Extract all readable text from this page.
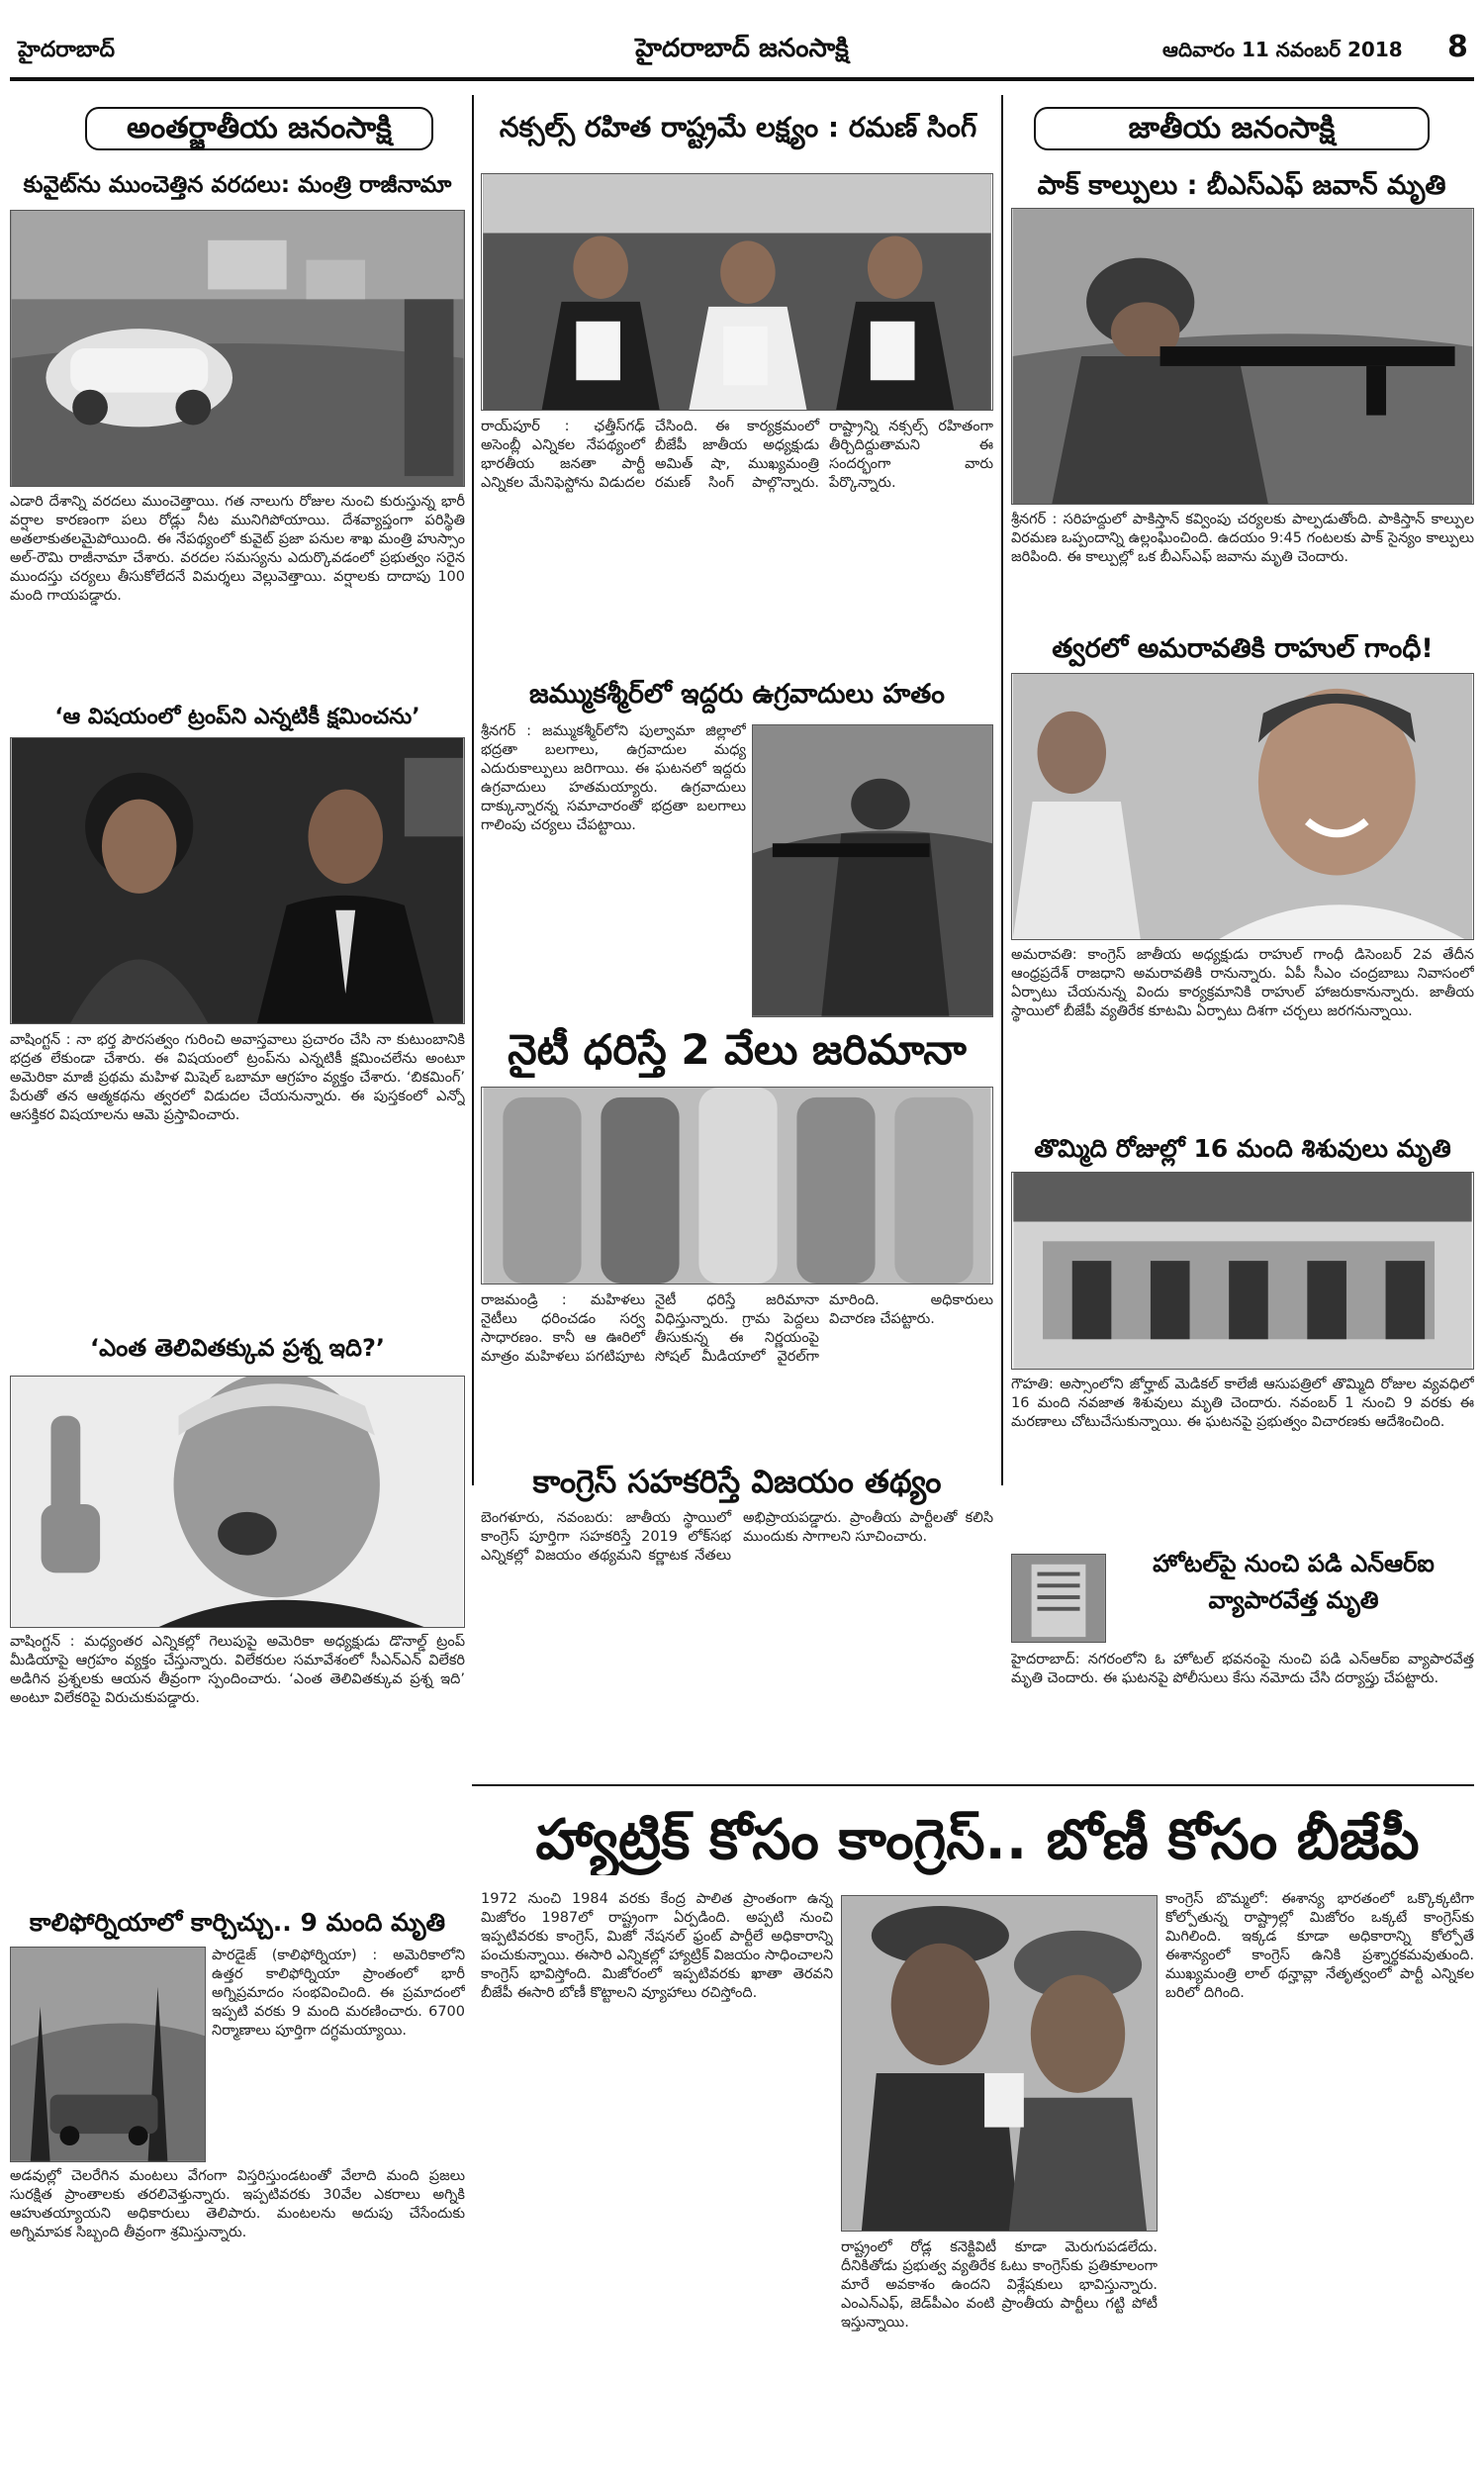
హైదరాబాద్	హైదరాబాద్ జనంసాక్షి	ఆదివారం 11 నవంబర్ 2018 8
అంతర్జాతీయ జనంసాక్షి
కువైట్‌ను ముంచెత్తిన వరదలు: మంత్రి రాజీనామా
ఎడారి దేశాన్ని వరదలు ముంచెత్తాయి. గత నాలుగు రోజుల నుంచి కురుస్తున్న భారీ వర్షాల కారణంగా పలు రోడ్లు నీట మునిగిపోయాయి. దేశవ్యాప్తంగా పరిస్థితి అతలాకుతలమైపోయింది. ఈ నేపథ్యంలో కువైట్ ప్రజా పనుల శాఖ మంత్రి హుస్సాం అల్‌-రౌమి రాజీనామా చేశారు. వరదల సమస్యను ఎదుర్కొవడంలో ప్రభుత్వం సరైన ముందస్తు చర్యలు తీసుకోలేదనే విమర్శలు వెల్లువెత్తాయి. వర్షాలకు దాదాపు 100 మంది గాయపడ్డారు.
‘ఆ విషయంలో ట్రంప్‌ని ఎన్నటికీ క్షమించను’
వాషింగ్టన్‌ : నా భర్త పౌరసత్వం గురించి అవాస్తవాలు ప్రచారం చేసి నా కుటుంబానికి భద్రత లేకుండా చేశారు. ఈ విషయంలో ట్రంప్‌ను ఎన్నటికీ క్షమించలేను అంటూ అమెరికా మాజీ ప్రథమ మహిళ మిషెల్‌ ఒబామా ఆగ్రహం వ్యక్తం చేశారు. ‘బికమింగ్‌’ పేరుతో తన ఆత్మకథను త్వరలో విడుదల చేయనున్నారు. ఈ పుస్తకంలో ఎన్నో ఆసక్తికర విషయాలను ఆమె ప్రస్తావించారు.
‘ఎంత తెలివితక్కువ ప్రశ్న ఇది?’
వాషింగ్టన్‌ : మధ్యంతర ఎన్నికల్లో గెలుపుపై అమెరికా అధ్యక్షుడు డొనాల్డ్‌ ట్రంప్‌ మీడియాపై ఆగ్రహం వ్యక్తం చేస్తున్నారు. విలేకరుల సమావేశంలో సీఎన్‌ఎన్‌ విలేకరి అడిగిన ప్రశ్నలకు ఆయన తీవ్రంగా స్పందించారు. ‘ఎంత తెలివితక్కువ ప్రశ్న ఇది’ అంటూ విలేకరిపై విరుచుకుపడ్డారు.
కాలిఫోర్నియాలో కార్చిచ్చు.. 9 మంది మృతి
పారడైజ్‌ (కాలిఫోర్నియా) : అమెరికాలోని ఉత్తర కాలిఫోర్నియా ప్రాంతంలో భారీ అగ్నిప్రమాదం సంభవించింది. ఈ ప్రమాదంలో ఇప్పటి వరకు 9 మంది మరణించారు. 6700 నిర్మాణాలు పూర్తిగా దగ్ధమయ్యాయి.
అడవుల్లో చెలరేగిన మంటలు వేగంగా విస్తరిస్తుండటంతో వేలాది మంది ప్రజలు సురక్షిత ప్రాంతాలకు తరలివెళ్తున్నారు. ఇప్పటివరకు 30వేల ఎకరాలు అగ్నికి ఆహుతయ్యాయని అధికారులు తెలిపారు. మంటలను అదుపు చేసేందుకు అగ్నిమాపక సిబ్బంది తీవ్రంగా శ్రమిస్తున్నారు.
నక్సల్స్‌ రహిత రాష్ట్రమే లక్ష్యం : రమణ్‌ సింగ్‌
రాయ్‌పూర్‌ : ఛత్తీస్‌గఢ్‌ అసెంబ్లీ ఎన్నికల నేపథ్యంలో భారతీయ జనతా పార్టీ ఎన్నికల మేనిఫెస్టోను విడుదల చేసింది. ఈ కార్యక్రమంలో బీజేపీ జాతీయ అధ్యక్షుడు అమిత్‌ షా, ముఖ్యమంత్రి రమణ్‌ సింగ్‌ పాల్గొన్నారు. రాష్ట్రాన్ని నక్సల్స్‌ రహితంగా తీర్చిదిద్దుతామని ఈ సందర్భంగా వారు పేర్కొన్నారు.
జమ్ముకశ్మీర్‌లో ఇద్దరు ఉగ్రవాదులు హతం
శ్రీనగర్‌ : జమ్ముకశ్మీర్‌లోని పుల్వామా జిల్లాలో భద్రతా బలగాలు, ఉగ్రవాదుల మధ్య ఎదురుకాల్పులు జరిగాయి. ఈ ఘటనలో ఇద్దరు ఉగ్రవాదులు హతమయ్యారు. ఉగ్రవాదులు దాక్కున్నారన్న సమాచారంతో భద్రతా బలగాలు గాలింపు చర్యలు చేపట్టాయి.
నైటీ ధరిస్తే 2 వేలు జరిమానా
రాజమండ్రి : మహిళలు నైటీలు ధరించడం సర్వ సాధారణం. కానీ ఆ ఊరిలో మాత్రం మహిళలు పగటిపూట నైటీ ధరిస్తే జరిమానా విధిస్తున్నారు. గ్రామ పెద్దలు తీసుకున్న ఈ నిర్ణయంపై సోషల్‌ మీడియాలో వైరల్‌గా మారింది. అధికారులు విచారణ చేపట్టారు.
కాంగ్రెస్‌ సహకరిస్తే విజయం తథ్యం
బెంగళూరు, నవంబరు: జాతీయ స్థాయిలో కాంగ్రెస్‌ పూర్తిగా సహకరిస్తే 2019 లోక్‌సభ ఎన్నికల్లో విజయం తథ్యమని కర్ణాటక నేతలు అభిప్రాయపడ్డారు. ప్రాంతీయ పార్టీలతో కలిసి ముందుకు సాగాలని సూచించారు.
జాతీయ జనంసాక్షి
పాక్‌ కాల్పులు : బీఎస్‌ఎఫ్‌ జవాన్‌ మృతి
శ్రీనగర్‌ : సరిహద్దులో పాకిస్తాన్‌ కవ్వింపు చర్యలకు పాల్పడుతోంది. పాకిస్తాన్‌ కాల్పుల విరమణ ఒప్పందాన్ని ఉల్లంఘించింది. ఉదయం 9:45 గంటలకు పాక్‌ సైన్యం కాల్పులు జరిపింది. ఈ కాల్పుల్లో ఒక బీఎస్‌ఎఫ్‌ జవాను మృతి చెందారు.
త్వరలో అమరావతికి రాహుల్‌ గాంధీ!
అమరావతి: కాంగ్రెస్‌ జాతీయ అధ్యక్షుడు రాహుల్‌ గాంధీ డిసెంబర్‌ 2వ తేదీన ఆంధ్రప్రదేశ్‌ రాజధాని అమరావతికి రానున్నారు. ఏపీ సీఎం చంద్రబాబు నివాసంలో ఏర్పాటు చేయనున్న విందు కార్యక్రమానికి రాహుల్‌ హాజరుకానున్నారు. జాతీయ స్థాయిలో బీజేపీ వ్యతిరేక కూటమి ఏర్పాటు దిశగా చర్చలు జరగనున్నాయి.
తొమ్మిది రోజుల్లో 16 మంది శిశువులు మృతి
గౌహతి: అస్సాంలోని జోర్హాట్‌ మెడికల్‌ కాలేజీ ఆసుపత్రిలో తొమ్మిది రోజుల వ్యవధిలో 16 మంది నవజాత శిశువులు మృతి చెందారు. నవంబర్‌ 1 నుంచి 9 వరకు ఈ మరణాలు చోటుచేసుకున్నాయి. ఈ ఘటనపై ప్రభుత్వం విచారణకు ఆదేశించింది.
హోటల్‌పై నుంచి పడి ఎన్‌ఆర్‌ఐ
వ్యాపారవేత్త మృతి
హైదరాబాద్‌: నగరంలోని ఓ హోటల్‌ భవనంపై నుంచి పడి ఎన్‌ఆర్‌ఐ వ్యాపారవేత్త మృతి చెందారు. ఈ ఘటనపై పోలీసులు కేసు నమోదు చేసి దర్యాప్తు చేపట్టారు.
హ్యాట్రిక్‌ కోసం కాంగ్రెస్‌.. బోణీ కోసం బీజేపీ
1972 నుంచి 1984 వరకు కేంద్ర పాలిత ప్రాంతంగా ఉన్న మిజోరం 1987లో రాష్ట్రంగా ఏర్పడింది. అప్పటి నుంచి ఇప్పటివరకు కాంగ్రెస్‌, మిజో నేషనల్‌ ఫ్రంట్‌ పార్టీలే అధికారాన్ని పంచుకున్నాయి. ఈసారి ఎన్నికల్లో హ్యాట్రిక్‌ విజయం సాధించాలని కాంగ్రెస్‌ భావిస్తోంది. మిజోరంలో ఇప్పటివరకు ఖాతా తెరవని బీజేపీ ఈసారి బోణీ కొట్టాలని వ్యూహాలు రచిస్తోంది.
రాష్ట్రంలో రోడ్ల కనెక్టివిటీ కూడా మెరుగుపడలేదు. దీనికితోడు ప్రభుత్వ వ్యతిరేక ఓటు కాంగ్రెస్‌కు ప్రతికూలంగా మారే అవకాశం ఉందని విశ్లేషకులు భావిస్తున్నారు. ఎంఎన్‌ఎఫ్‌, జెడ్‌పీఎం వంటి ప్రాంతీయ పార్టీలు గట్టి పోటీ ఇస్తున్నాయి.
కాంగ్రెస్‌ బొమ్మలో: ఈశాన్య భారతంలో ఒక్కొక్కటిగా కోల్పోతున్న రాష్ట్రాల్లో మిజోరం ఒక్కటే కాంగ్రెస్‌కు మిగిలింది. ఇక్కడ కూడా అధికారాన్ని కోల్పోతే ఈశాన్యంలో కాంగ్రెస్‌ ఉనికి ప్రశ్నార్థకమవుతుంది. ముఖ్యమంత్రి లాల్‌ థన్హావ్లా నేతృత్వంలో పార్టీ ఎన్నికల బరిలో దిగింది.
